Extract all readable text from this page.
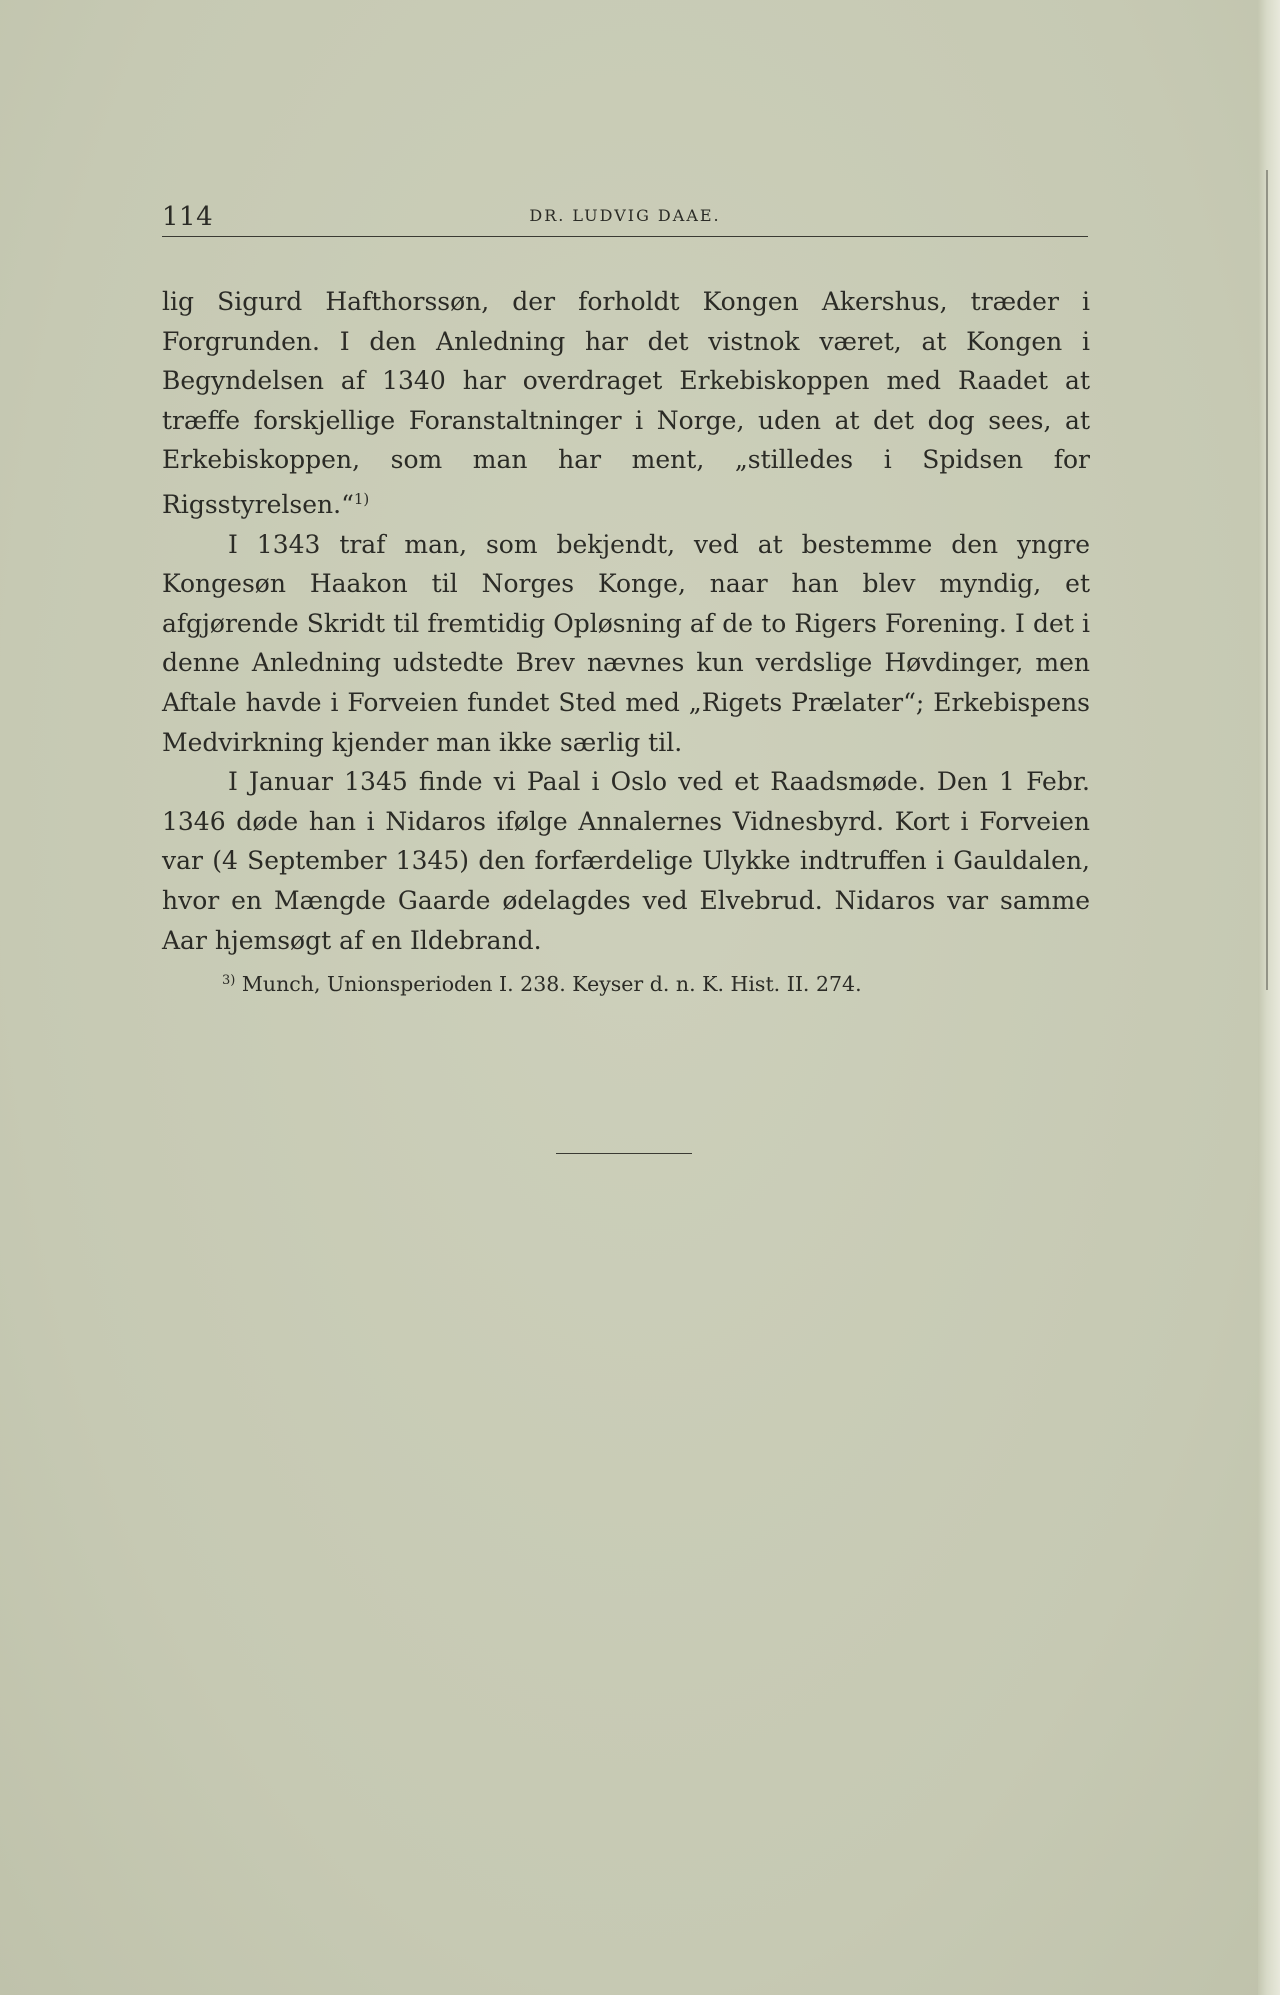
114	DR. LUDVIG DAAE.

lig Sigurd Hafthorssøn, der forholdt Kongen Akershus, træder i Forgrunden. I den Anledning har det vistnok været, at Kongen i Begyndelsen af 1340 har overdraget Erkebiskoppen med Raadet at træffe forskjellige Foranstaltninger i Norge, uden at det dog sees, at Erkebiskoppen, som man har ment, „stilledes i Spidsen for Rigsstyrelsen.“$^{1)}$

I 1343 traf man, som bekjendt, ved at bestemme den yngre Kongesøn Haakon til Norges Konge, naar han blev myndig, et afgjørende Skridt til fremtidig Opløsning af de to Rigers Forening. I det i denne Anledning udstedte Brev nævnes kun verdslige Høvdinger, men Aftale havde i Forveien fundet Sted med „Rigets Prælater“; Erkebispens Medvirkning kjender man ikke særlig til.

I Januar 1345 finde vi Paal i Oslo ved et Raadsmøde. Den 1 Febr. 1346 døde han i Nidaros ifølge Annalernes Vidnesbyrd. Kort i Forveien var (4 September 1345) den forfærdelige Ulykke indtruffen i Gauldalen, hvor en Mængde Gaarde ødelagdes ved Elvebrud. Nidaros var samme Aar hjemsøgt af en Ildebrand.

$^{3)}$ Munch, Unionsperioden I. 238. Keyser d. n. K. Hist. II. 274.
